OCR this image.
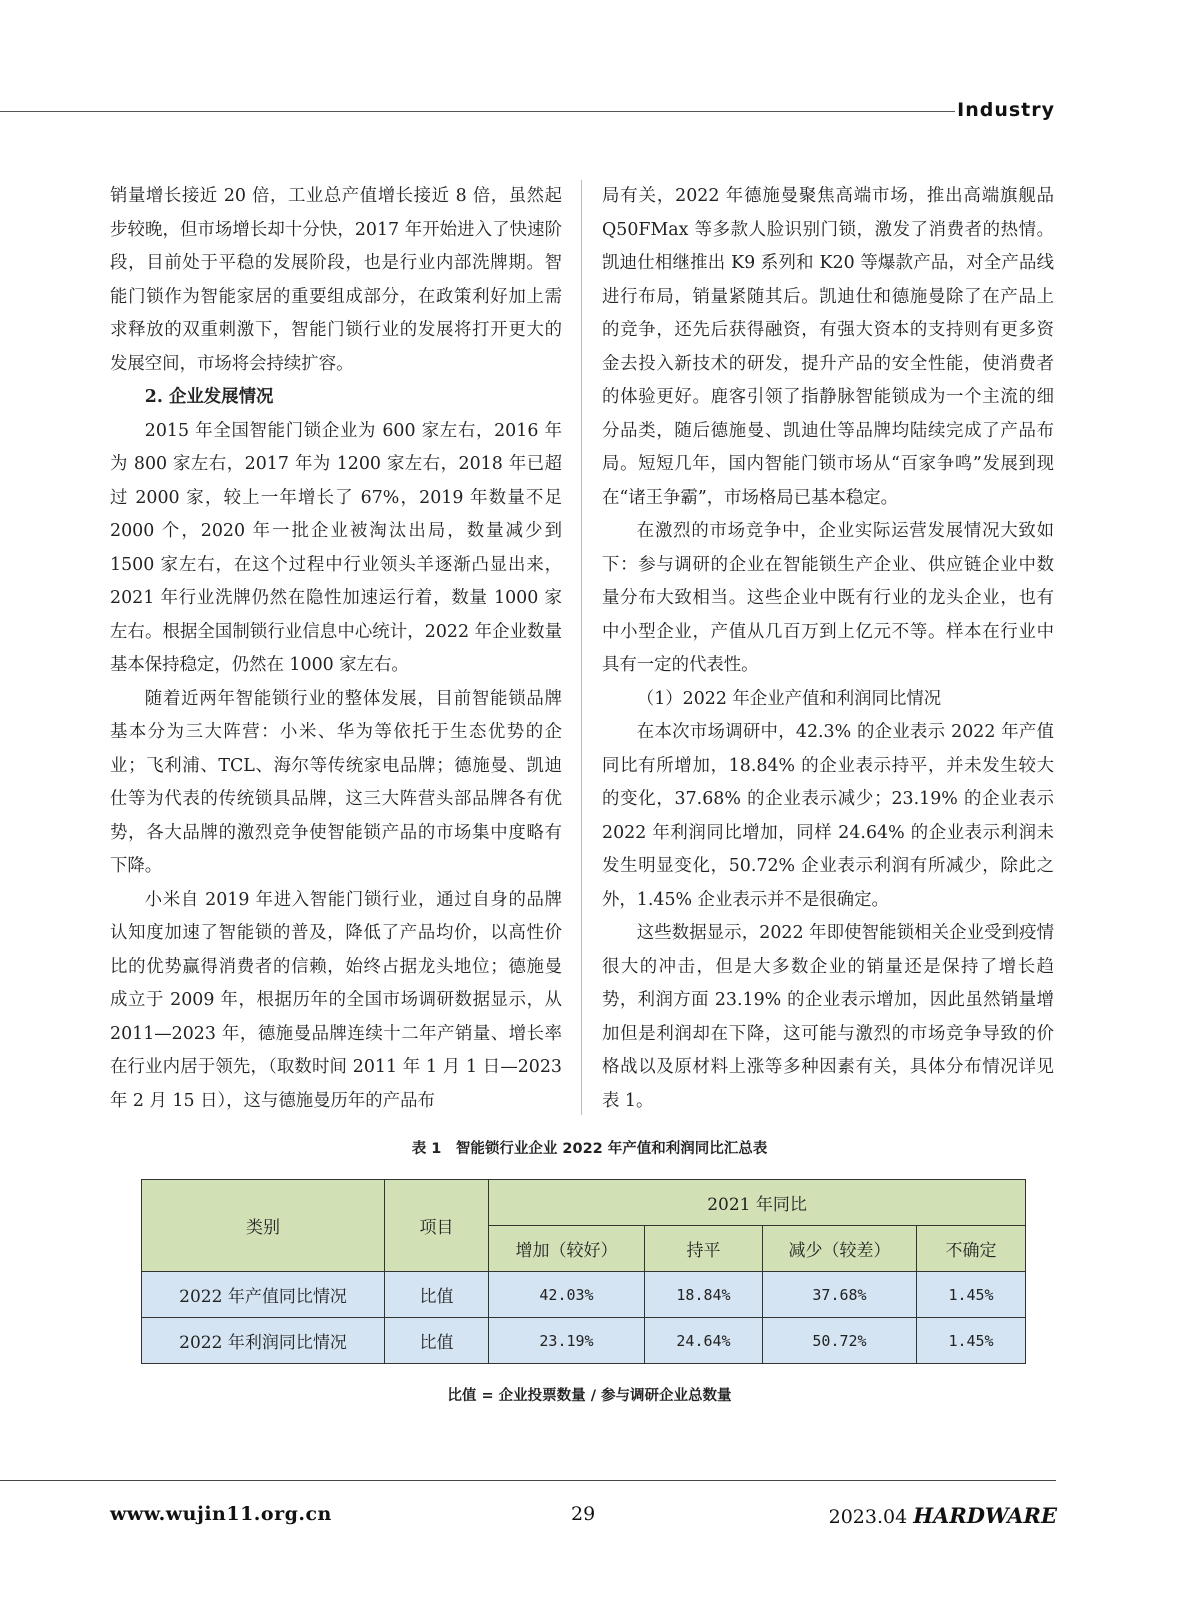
Industry

销量增长接近 20 倍，工业总产值增长接近 8 倍，虽然起步较晚，但市场增长却十分快，2017 年开始进入了快速阶段，目前处于平稳的发展阶段，也是行业内部洗牌期。智能门锁作为智能家居的重要组成部分，在政策利好加上需求释放的双重刺激下，智能门锁行业的发展将打开更大的发展空间，市场将会持续扩容。

2. 企业发展情况

2015 年全国智能门锁企业为 600 家左右，2016 年为 800 家左右，2017 年为 1200 家左右，2018 年已超过 2000 家，较上一年增长了 67%，2019 年数量不足 2000 个，2020 年一批企业被淘汰出局，数量减少到 1500 家左右，在这个过程中行业领头羊逐渐凸显出来，2021 年行业洗牌仍然在隐性加速运行着，数量 1000 家左右。根据全国制锁行业信息中心统计，2022 年企业数量基本保持稳定，仍然在 1000 家左右。

随着近两年智能锁行业的整体发展，目前智能锁品牌基本分为三大阵营：小米、华为等依托于生态优势的企业；飞利浦、TCL、海尔等传统家电品牌；德施曼、凯迪仕等为代表的传统锁具品牌，这三大阵营头部品牌各有优势，各大品牌的激烈竞争使智能锁产品的市场集中度略有下降。

小米自 2019 年进入智能门锁行业，通过自身的品牌认知度加速了智能锁的普及，降低了产品均价，以高性价比的优势赢得消费者的信赖，始终占据龙头地位；德施曼成立于 2009 年，根据历年的全国市场调研数据显示，从 2011—2023 年，德施曼品牌连续十二年产销量、增长率在行业内居于领先，（取数时间 2011 年 1 月 1 日—2023 年 2 月 15 日），这与德施曼历年的产品布

局有关，2022 年德施曼聚焦高端市场，推出高端旗舰品 Q50FMax 等多款人脸识别门锁，激发了消费者的热情。凯迪仕相继推出 K9 系列和 K20 等爆款产品，对全产品线进行布局，销量紧随其后。凯迪仕和德施曼除了在产品上的竞争，还先后获得融资，有强大资本的支持则有更多资金去投入新技术的研发，提升产品的安全性能，使消费者的体验更好。鹿客引领了指静脉智能锁成为一个主流的细分品类，随后德施曼、凯迪仕等品牌均陆续完成了产品布局。短短几年，国内智能门锁市场从“百家争鸣”发展到现在“诸王争霸”，市场格局已基本稳定。

在激烈的市场竞争中，企业实际运营发展情况大致如下：参与调研的企业在智能锁生产企业、供应链企业中数量分布大致相当。这些企业中既有行业的龙头企业，也有中小型企业，产值从几百万到上亿元不等。样本在行业中具有一定的代表性。

（1）2022 年企业产值和利润同比情况

在本次市场调研中，42.3% 的企业表示 2022 年产值同比有所增加，18.84% 的企业表示持平，并未发生较大的变化，37.68% 的企业表示减少；23.19% 的企业表示 2022 年利润同比增加，同样 24.64% 的企业表示利润未发生明显变化，50.72% 企业表示利润有所减少，除此之外，1.45% 企业表示并不是很确定。

这些数据显示，2022 年即使智能锁相关企业受到疫情很大的冲击，但是大多数企业的销量还是保持了增长趋势，利润方面 23.19% 的企业表示增加，因此虽然销量增加但是利润却在下降，这可能与激烈的市场竞争导致的价格战以及原材料上涨等多种因素有关，具体分布情况详见表 1。

表 1　智能锁行业企业 2022 年产值和利润同比汇总表
类别	项目	2021 年同比			
		增加（较好）	持平	减少（较差）	不确定
2022 年产值同比情况	比值	42.03%	18.84%	37.68%	1.45%
2022 年利润同比情况	比值	23.19%	24.64%	50.72%	1.45%
比值 = 企业投票数量 / 参与调研企业总数量
www.wujin11.org.cn	29	2023.04 HARDWARE
